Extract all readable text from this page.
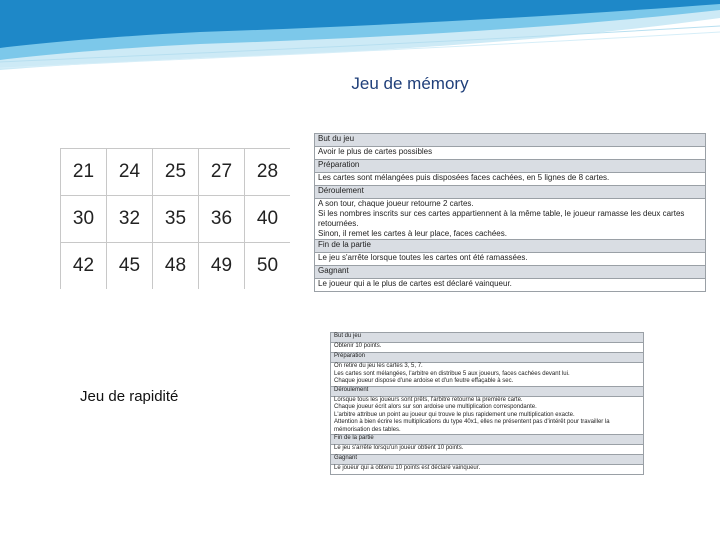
Jeu de mémory
21	24	25	27	28
30	32	35	36	40
42	45	48	49	50
But du jeu

Avoir le plus de cartes possibles

Préparation

Les cartes sont mélangées puis disposées faces cachées, en 5 lignes de 8 cartes.

Déroulement

A son tour, chaque joueur retourne 2 cartes.
Si les nombres inscrits sur ces cartes appartiennent à la même table, le joueur ramasse les deux cartes retournées.
Sinon, il remet les cartes à leur place, faces cachées.

Fin de la partie

Le jeu s'arrête lorsque toutes les cartes ont été ramassées.

Gagnant

Le joueur qui a le plus de cartes est déclaré vainqueur.
Jeu de rapidité
But du jeu

Obtenir 10 points.

Préparation

On retire du jeu les cartes 3, 5, 7.
Les cartes sont mélangées, l'arbitre en distribue 5 aux joueurs, faces cachées devant lui.
Chaque joueur dispose d'une ardoise et d'un feutre effaçable à sec.

Déroulement

Lorsque tous les joueurs sont prêts, l'arbitre retourne la première carte.
Chaque joueur écrit alors sur son ardoise une multiplication correspondante.
L'arbitre attribue un point au joueur qui trouve le plus rapidement une multiplication exacte.
Attention à bien écrire les multiplications du type 40x1, elles ne présentent pas d'intérêt pour travailler la mémorisation des tables.

Fin de la partie

Le jeu s'arrête lorsqu'un joueur obtient 10 points.

Gagnant

Le joueur qui a obtenu 10 points est déclaré vainqueur.
